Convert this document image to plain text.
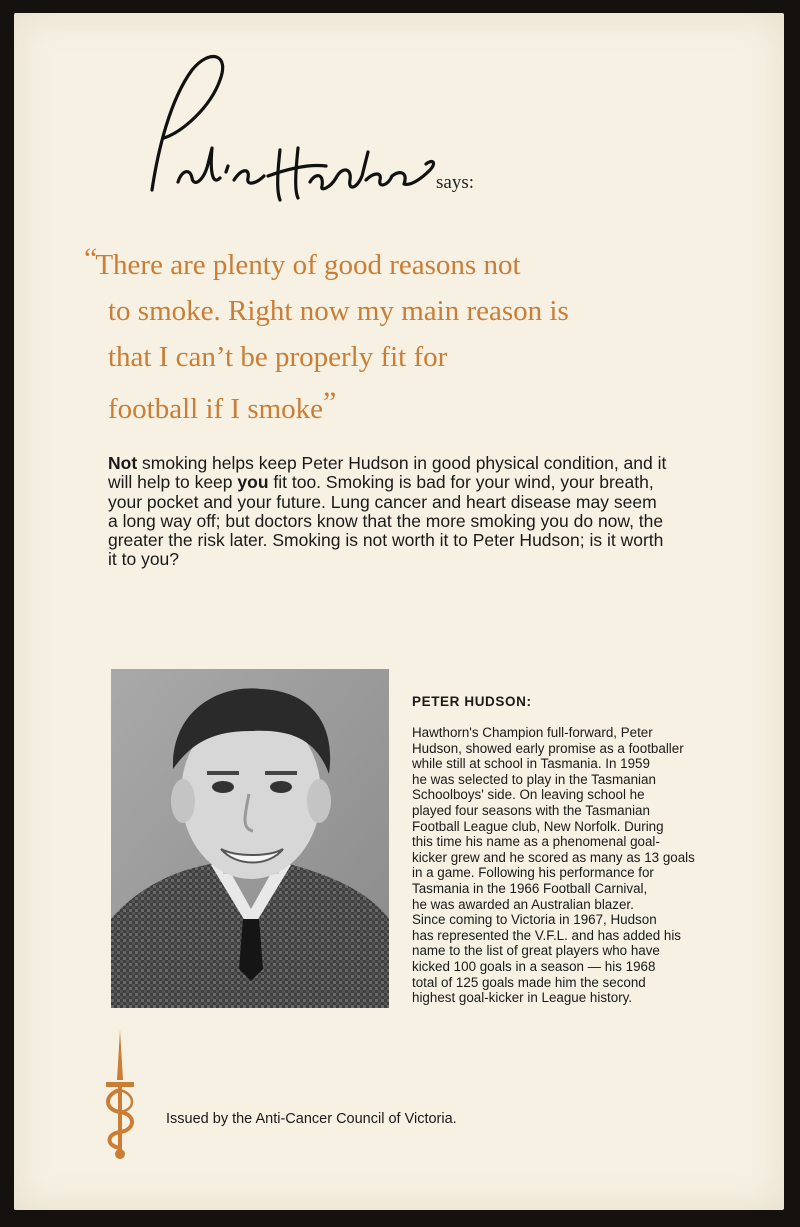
says:

“There are plenty of good reasons not
to smoke. Right now my main reason is
that I can’t be properly fit for
football if I smoke”

Not smoking helps keep Peter Hudson in good physical condition, and it will help to keep you fit too. Smoking is bad for your wind, your breath, your pocket and your future. Lung cancer and heart disease may seem a long way off; but doctors know that the more smoking you do now, the greater the risk later. Smoking is not worth it to Peter Hudson; is it worth it to you?
PETER HUDSON:
Hawthorn's Champion full-forward, Peter
Hudson, showed early promise as a footballer
while still at school in Tasmania. In 1959
he was selected to play in the Tasmanian
Schoolboys' side. On leaving school he
played four seasons with the Tasmanian
Football League club, New Norfolk. During
this time his name as a phenomenal goal-
kicker grew and he scored as many as 13 goals
in a game. Following his performance for
Tasmania in the 1966 Football Carnival,
he was awarded an Australian blazer.
Since coming to Victoria in 1967, Hudson
has represented the V.F.L. and has added his
name to the list of great players who have
kicked 100 goals in a season — his 1968
total of 125 goals made him the second
highest goal-kicker in League history.
Issued by the Anti-Cancer Council of Victoria.
